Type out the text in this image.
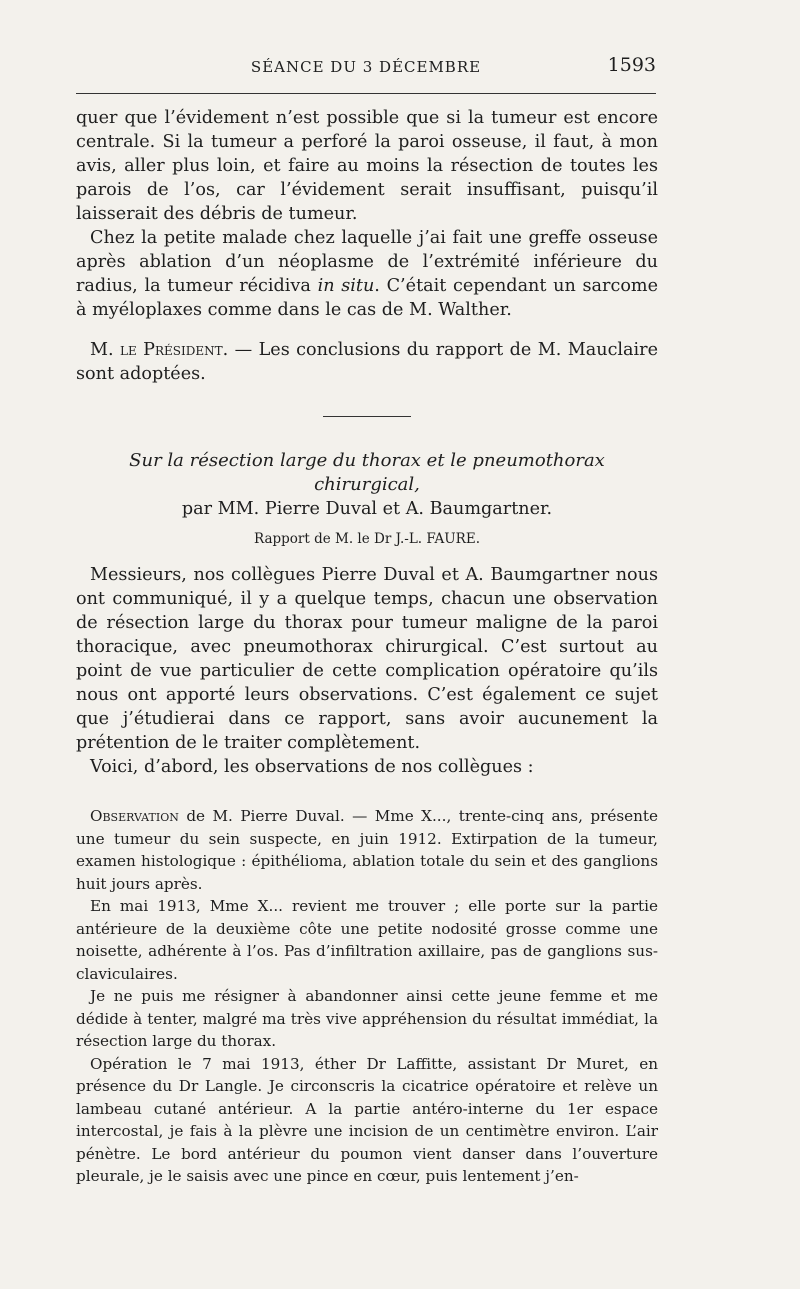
SÉANCE DU 3 DÉCEMBRE	1593

quer que l’évidement n’est possible que si la tumeur est encore centrale. Si la tumeur a perforé la paroi osseuse, il faut, à mon avis, aller plus loin, et faire au moins la résection de toutes les parois de l’os, car l’évidement serait insuffisant, puisqu’il laisserait des débris de tumeur.

Chez la petite malade chez laquelle j’ai fait une greffe osseuse après ablation d’un néoplasme de l’extrémité inférieure du radius, la tumeur récidiva in situ. C’était cependant un sarcome à myéloplaxes comme dans le cas de M. Walther.

M. le Président. — Les conclusions du rapport de M. Mauclaire sont adoptées.

Sur la résection large du thorax et le pneumothorax chirurgical,
par MM. Pierre Duval et A. Baumgartner.
Rapport de M. le Dr J.-L. FAURE.

Messieurs, nos collègues Pierre Duval et A. Baumgartner nous ont communiqué, il y a quelque temps, chacun une observation de résection large du thorax pour tumeur maligne de la paroi thoracique, avec pneumothorax chirurgical. C’est surtout au point de vue particulier de cette complication opératoire qu’ils nous ont apporté leurs observations. C’est également ce sujet que j’étudierai dans ce rapport, sans avoir aucunement la prétention de le traiter complètement.

Voici, d’abord, les observations de nos collègues :

Observation de M. Pierre Duval. — Mme X..., trente-cinq ans, présente une tumeur du sein suspecte, en juin 1912. Extirpation de la tumeur, examen histologique : épithélioma, ablation totale du sein et des ganglions huit jours après.

En mai 1913, Mme X... revient me trouver ; elle porte sur la partie antérieure de la deuxième côte une petite nodosité grosse comme une noisette, adhérente à l’os. Pas d’infiltration axillaire, pas de ganglions sus-claviculaires.

Je ne puis me résigner à abandonner ainsi cette jeune femme et me dédide à tenter, malgré ma très vive appréhension du résultat immédiat, la résection large du thorax.

Opération le 7 mai 1913, éther Dr Laffitte, assistant Dr Muret, en présence du Dr Langle. Je circonscris la cicatrice opératoire et relève un lambeau cutané antérieur. A la partie antéro-interne du 1er espace intercostal, je fais à la plèvre une incision de un centimètre environ. L’air pénètre. Le bord antérieur du poumon vient danser dans l’ouverture pleurale, je le saisis avec une pince en cœur, puis lentement j’en-
